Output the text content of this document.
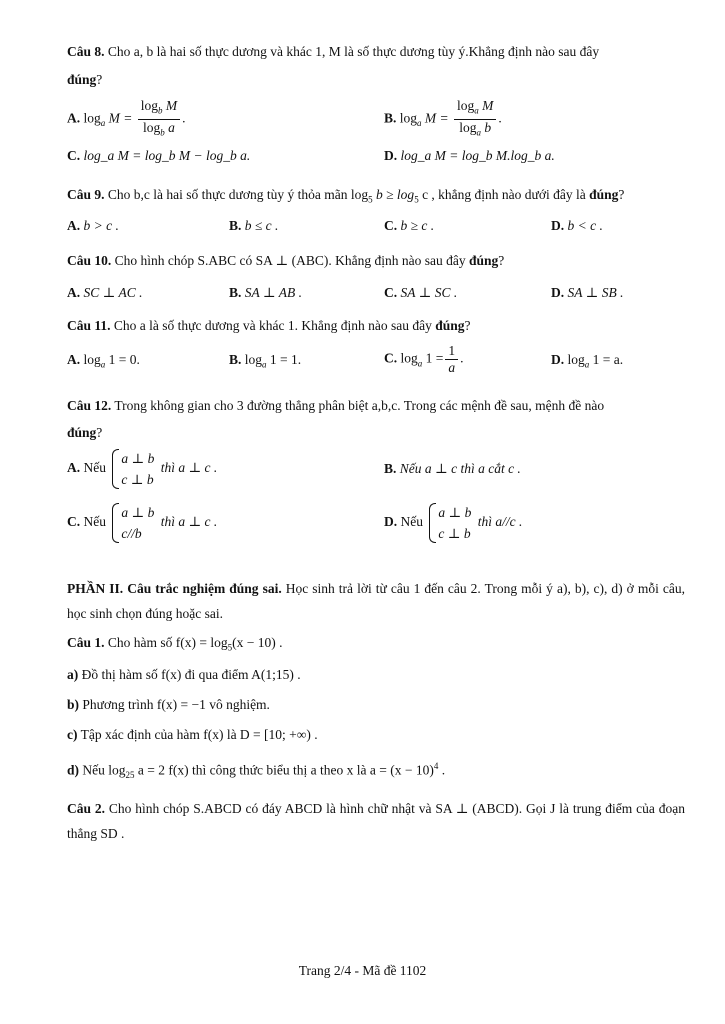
Câu 8. Cho a, b là hai số thực dương và khác 1, M là số thực dương tùy ý.Khẳng định nào sau đây
đúng?
A. $\log_a M = \frac{\log_b M}{\log_b a}$ .	B. $\log_a M = \frac{\log_a M}{\log_a b}$ .
C. log_a M = log_b M − log_b a.	D. log_a M = log_b M.log_b a.
Câu 9. Cho b,c là hai số thực dương tùy ý thỏa mãn $\log_5 b \ge \log_5 c$ , khẳng định nào dưới đây là đúng?
A. b > c .	B. b ≤ c .	C. b ≥ c .	D. b < c .
Câu 10. Cho hình chóp S.ABC có SA ⊥ (ABC). Khẳng định nào sau đây đúng?
A. SC ⊥ AC .	B. SA ⊥ AB .	C. SA ⊥ SC .	D. SA ⊥ SB .
Câu 11. Cho a là số thực dương và khác 1. Khẳng định nào sau đây đúng?
A. $\log_a 1 = 0$.	B. $\log_a 1 = 1$.	C. $\log_a 1 = \frac{1}{a}$ .	D. $\log_a 1 = a$.
Câu 12. Trong không gian cho 3 đường thẳng phân biệt a,b,c. Trong các mệnh đề sau, mệnh đề nào
đúng?
A. Nếu
a ⊥ b
c ⊥ b
thì a ⊥ c .	B. Nếu a ⊥ c thì a cắt c .
C. Nếu
a ⊥ b
c//b
thì a ⊥ c .	D. Nếu
a ⊥ b
c ⊥ b
thì a//c .
PHẦN II. Câu trắc nghiệm đúng sai. Học sinh trả lời từ câu 1 đến câu 2. Trong mỗi ý a), b), c), d) ở mỗi câu, học sinh chọn đúng hoặc sai.
Câu 1. Cho hàm số $f(x) = \log_5(x - 10)$ .
a) Đồ thị hàm số f(x) đi qua điểm A(1;15) .
b) Phương trình f(x) = −1 vô nghiệm.
c) Tập xác định của hàm f(x) là D = [10; +∞) .
d) Nếu $\log_{25} a = 2$ f(x) thì công thức biểu thị a theo x là $a = (x - 10)^4$ .
Câu 2. Cho hình chóp S.ABCD có đáy ABCD là hình chữ nhật và SA ⊥ (ABCD). Gọi J là trung điểm của đoạn thẳng SD .
Trang 2/4 - Mã đề 1102
